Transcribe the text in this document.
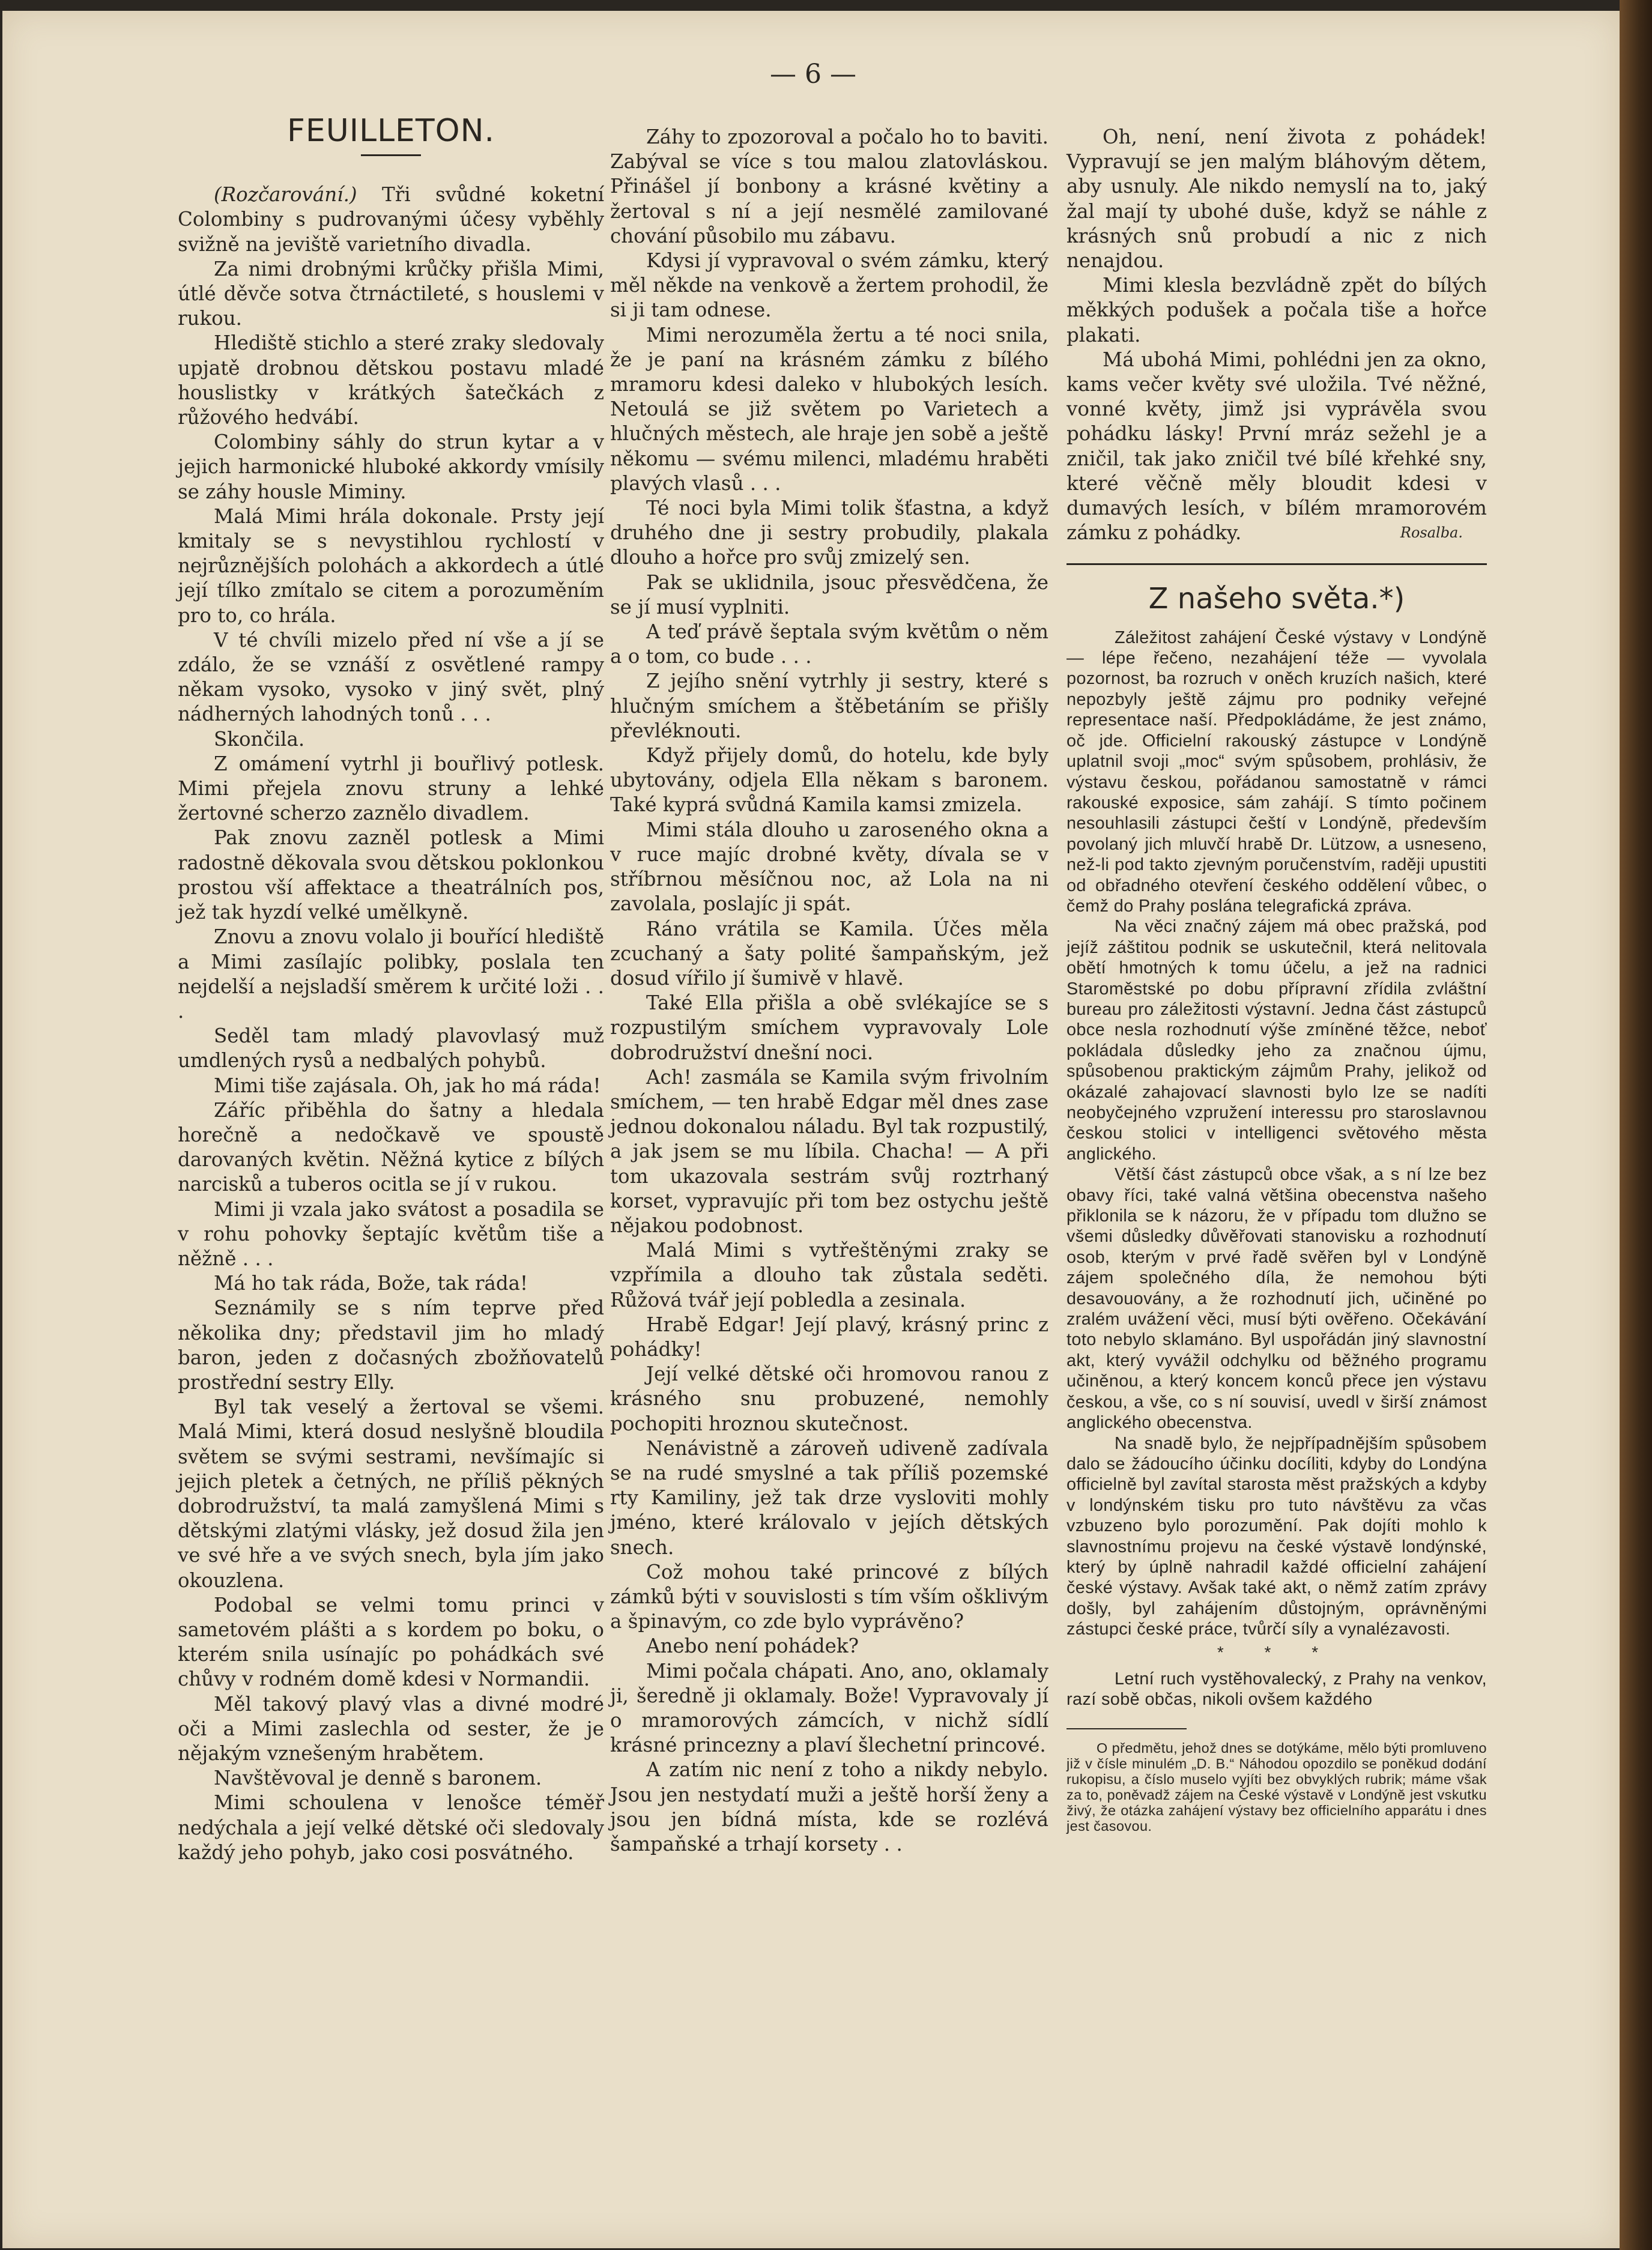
— 6 —
FEUILLETON.

(Rozčarování.) Tři svůdné koketní Colombiny s pudrovanými účesy vyběhly svižně na jeviště varietního divadla.

Za nimi drobnými krůčky přišla Mimi, útlé děvče sotva čtrnáctileté, s houslemi v rukou.

Hlediště stichlo a steré zraky sledovaly upjatě drobnou dětskou postavu mladé houslistky v krátkých šatečkách z růžového hedvábí.

Colombiny sáhly do strun kytar a v jejich harmonické hluboké akkordy vmísily se záhy housle Miminy.

Malá Mimi hrála dokonale. Prsty její kmitaly se s nevystihlou rychlostí v nejrůznějších polohách a akkordech a útlé její tílko zmítalo se citem a porozuměním pro to, co hrála.

V té chvíli mizelo před ní vše a jí se zdálo, že se vznáší z osvětlené rampy někam vysoko, vysoko v jiný svět, plný nádherných lahodných tonů . . .

Skončila.

Z omámení vytrhl ji bouřlivý potlesk. Mimi přejela znovu struny a lehké žertovné scherzo zaznělo divadlem.

Pak znovu zazněl potlesk a Mimi radostně děkovala svou dětskou poklonkou prostou vší affektace a theatrálních pos, jež tak hyzdí velké umělkyně.

Znovu a znovu volalo ji bouřící hlediště a Mimi zasílajíc polibky, poslala ten nejdelší a nejsladší směrem k určité loži . . .

Seděl tam mladý plavovlasý muž umdlených rysů a nedbalých pohybů.

Mimi tiše zajásala. Oh, jak ho má ráda!

Záříc přiběhla do šatny a hledala horečně a nedočkavě ve spoustě darovaných květin. Něžná kytice z bílých narcisků a tuberos ocitla se jí v rukou.

Mimi ji vzala jako svátost a posadila se v rohu pohovky šeptajíc květům tiše a něžně . . .

Má ho tak ráda, Bože, tak ráda!

Seznámily se s ním teprve před několika dny; představil jim ho mladý baron, jeden z dočasných zbožňovatelů prostřední sestry Elly.

Byl tak veselý a žertoval se všemi. Malá Mimi, která dosud neslyšně bloudila světem se svými sestrami, nevšímajíc si jejich pletek a četných, ne příliš pěkných dobrodružství, ta malá zamyšlená Mimi s dětskými zlatými vlásky, jež dosud žila jen ve své hře a ve svých snech, byla jím jako okouzlena.

Podobal se velmi tomu princi v sametovém plášti a s kordem po boku, o kterém snila usínajíc po pohádkách své chůvy v rodném domě kdesi v Normandii.

Měl takový plavý vlas a divné modré oči a Mimi zaslechla od sester, že je nějakým vznešeným hrabětem.

Navštěvoval je denně s baronem.

Mimi schoulena v lenošce téměř nedýchala a její velké dětské oči sledovaly každý jeho pohyb, jako cosi posvátného.

Záhy to zpozoroval a počalo ho to baviti. Zabýval se více s tou malou zlatovláskou. Přinášel jí bonbony a krásné květiny a žertoval s ní a její nesmělé zamilované chování působilo mu zábavu.

Kdysi jí vypravoval o svém zámku, který měl někde na venkově a žertem prohodil, že si ji tam odnese.

Mimi nerozuměla žertu a té noci snila, že je paní na krásném zámku z bílého mramoru kdesi daleko v hlubokých lesích. Netoulá se již světem po Varietech a hlučných městech, ale hraje jen sobě a ještě někomu — svému milenci, mladému hraběti plavých vlasů . . .

Té noci byla Mimi tolik šťastna, a když druhého dne ji sestry probudily, plakala dlouho a hořce pro svůj zmizelý sen.

Pak se uklidnila, jsouc přesvědčena, že se jí musí vyplniti.

A teď právě šeptala svým květům o něm a o tom, co bude . . .

Z jejího snění vytrhly ji sestry, které s hlučným smíchem a štěbetáním se přišly převléknouti.

Když přijely domů, do hotelu, kde byly ubytovány, odjela Ella někam s baronem. Také kyprá svůdná Kamila kamsi zmizela.

Mimi stála dlouho u zaroseného okna a v ruce majíc drobné květy, dívala se v stříbrnou měsíčnou noc, až Lola na ni zavolala, poslajíc ji spát.

Ráno vrátila se Kamila. Účes měla zcuchaný a šaty polité šampaňským, jež dosud vířilo jí šumivě v hlavě.

Také Ella přišla a obě svlékajíce se s rozpustilým smíchem vypravovaly Lole dobrodružství dnešní noci.

Ach! zasmála se Kamila svým frivolním smíchem, — ten hrabě Edgar měl dnes zase jednou dokonalou náladu. Byl tak rozpustilý, a jak jsem se mu líbila. Chacha! — A při tom ukazovala sestrám svůj roztrhaný korset, vypravujíc při tom bez ostychu ještě nějakou podobnost.

Malá Mimi s vytřeštěnými zraky se vzpřímila a dlouho tak zůstala seděti. Růžová tvář její pobledla a zesinala.

Hrabě Edgar! Její plavý, krásný princ z pohádky!

Její velké dětské oči hromovou ranou z krásného snu probuzené, nemohly pochopiti hroznou skutečnost.

Nenávistně a zároveň udiveně zadívala se na rudé smyslné a tak příliš pozemské rty Kamiliny, jež tak drze vysloviti mohly jméno, které královalo v jejích dětských snech.

Což mohou také princové z bílých zámků býti v souvislosti s tím vším ošklivým a špinavým, co zde bylo vyprávěno?

Anebo není pohádek?

Mimi počala chápati. Ano, ano, oklamaly ji, šeredně ji oklamaly. Bože! Vypravovaly jí o mramorových zámcích, v nichž sídlí krásné princezny a plaví šlechetní princové.

A zatím nic není z toho a nikdy nebylo. Jsou jen nestydatí muži a ještě horší ženy a jsou jen bídná místa, kde se rozlévá šampaňské a trhají korsety . .

Oh, není, není života z pohádek! Vypravují se jen malým bláhovým dětem, aby usnuly. Ale nikdo nemyslí na to, jaký žal mají ty ubohé duše, když se náhle z krásných snů probudí a nic z nich nenajdou.

Mimi klesla bezvládně zpět do bílých měkkých podušek a počala tiše a hořce plakati.

Má ubohá Mimi, pohlédni jen za okno, kams večer květy své uložila. Tvé něžné, vonné květy, jimž jsi vyprávěla svou pohádku lásky! První mráz sežehl je a zničil, tak jako zničil tvé bílé křehké sny, které věčně měly bloudit kdesi v dumavých lesích, v bílém mramorovém zámku z pohádky.	Rosalba.

Z našeho světa.*)

Záležitost zahájení České výstavy v Londýně — lépe řečeno, nezahájení téže — vyvolala pozornost, ba rozruch v oněch kruzích našich, které nepozbyly ještě zájmu pro podniky veřejné representace naší. Předpokládáme, že jest známo, oč jde. Officielní rakouský zástupce v Londýně uplatnil svoji „moc“ svým spůsobem, prohlásiv, že výstavu českou, pořádanou samostatně v rámci rakouské exposice, sám zahájí. S tímto počinem nesouhlasili zástupci čeští v Londýně, především povolaný jich mluvčí hrabě Dr. Lützow, a usneseno, než-li pod takto zjevným poručenstvím, raději upustiti od obřadného otevření českého oddělení vůbec, o čemž do Prahy poslána telegrafická zpráva.

Na věci značný zájem má obec pražská, pod jejíž záštitou podnik se uskutečnil, která nelitovala obětí hmotných k tomu účelu, a jež na radnici Staroměstské po dobu přípravní zřídila zvláštní bureau pro záležitosti výstavní. Jedna část zástupců obce nesla rozhodnutí výše zmíněné těžce, neboť pokládala důsledky jeho za značnou újmu, spůsobenou praktickým zájmům Prahy, jelikož od okázalé zahajovací slavnosti bylo lze se nadíti neobyčejného vzpružení interessu pro staroslavnou českou stolici v intelligenci světového města anglického.

Větší část zástupců obce však, a s ní lze bez obavy říci, také valná většina obecenstva našeho přiklonila se k názoru, že v případu tom dlužno se všemi důsledky důvěřovati stanovisku a rozhodnutí osob, kterým v prvé řadě svěřen byl v Londýně zájem společného díla, že nemohou býti desavouovány, a že rozhodnutí jich, učiněné po zralém uvážení věci, musí býti ověřeno. Očekávání toto nebylo sklamáno. Byl uspořádán jiný slavnostní akt, který vyvážil odchylku od běžného programu učiněnou, a který koncem konců přece jen výstavu českou, a vše, co s ní souvisí, uvedl v širší známost anglického obecenstva.

Na snadě bylo, že nejpřípadnějším spůsobem dalo se žádoucího účinku docíliti, kdyby do Londýna officielně byl zavítal starosta měst pražských a kdyby v londýnském tisku pro tuto návštěvu za včas vzbuzeno bylo porozumění. Pak dojíti mohlo k slavnostnímu projevu na české výstavě londýnské, který by úplně nahradil každé officielní zahájení české výstavy. Avšak také akt, o němž zatím zprávy došly, byl zahájením důstojným, oprávněnými zástupci české práce, tvůrčí síly a vynalézavosti.

* * *

Letní ruch vystěhovalecký, z Prahy na venkov, razí sobě občas, nikoli ovšem každého

O předmětu, jehož dnes se dotýkáme, mělo býti promluveno již v čísle minulém „D. B.“ Náhodou opozdilo se poněkud dodání rukopisu, a číslo muselo vyjíti bez obvyklých rubrik; máme však za to, poněvadž zájem na České výstavě v Londýně jest vskutku živý, že otázka zahájení výstavy bez officielního apparátu i dnes jest časovou.
